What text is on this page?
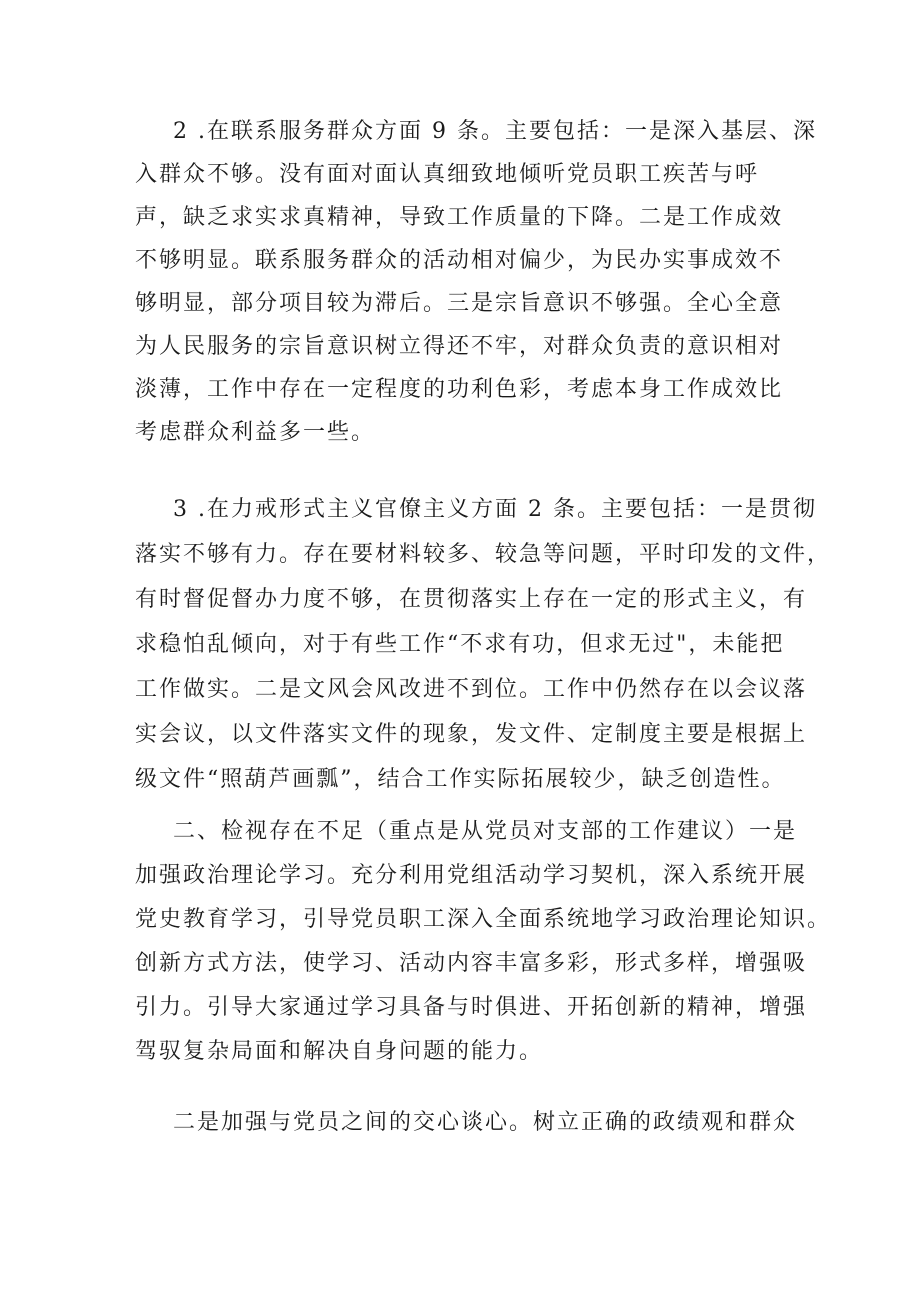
2 .在联系服务群众方面 9 条。主要包括：一是深入基层、深
入群众不够。没有面对面认真细致地倾听党员职工疾苦与呼
声，缺乏求实求真精神，导致工作质量的下降。二是工作成效
不够明显。联系服务群众的活动相对偏少，为民办实事成效不
够明显，部分项目较为滞后。三是宗旨意识不够强。全心全意
为人民服务的宗旨意识树立得还不牢，对群众负责的意识相对
淡薄，工作中存在一定程度的功利色彩，考虑本身工作成效比
考虑群众利益多一些。
3 .在力戒形式主义官僚主义方面 2 条。主要包括：一是贯彻
落实不够有力。存在要材料较多、较急等问题，平时印发的文件，
有时督促督办力度不够，在贯彻落实上存在一定的形式主义，有
求稳怕乱倾向，对于有些工作“不求有功，但求无过"，未能把
工作做实。二是文风会风改进不到位。工作中仍然存在以会议落
实会议，以文件落实文件的现象，发文件、定制度主要是根据上
级文件“照葫芦画瓢”，结合工作实际拓展较少，缺乏创造性。
二、检视存在不足（重点是从党员对支部的工作建议）一是
加强政治理论学习。充分利用党组活动学习契机，深入系统开展
党史教育学习，引导党员职工深入全面系统地学习政治理论知识。
创新方式方法，使学习、活动内容丰富多彩，形式多样，增强吸
引力。引导大家通过学习具备与时俱进、开拓创新的精神，增强
驾驭复杂局面和解决自身问题的能力。
二是加强与党员之间的交心谈心。树立正确的政绩观和群众
